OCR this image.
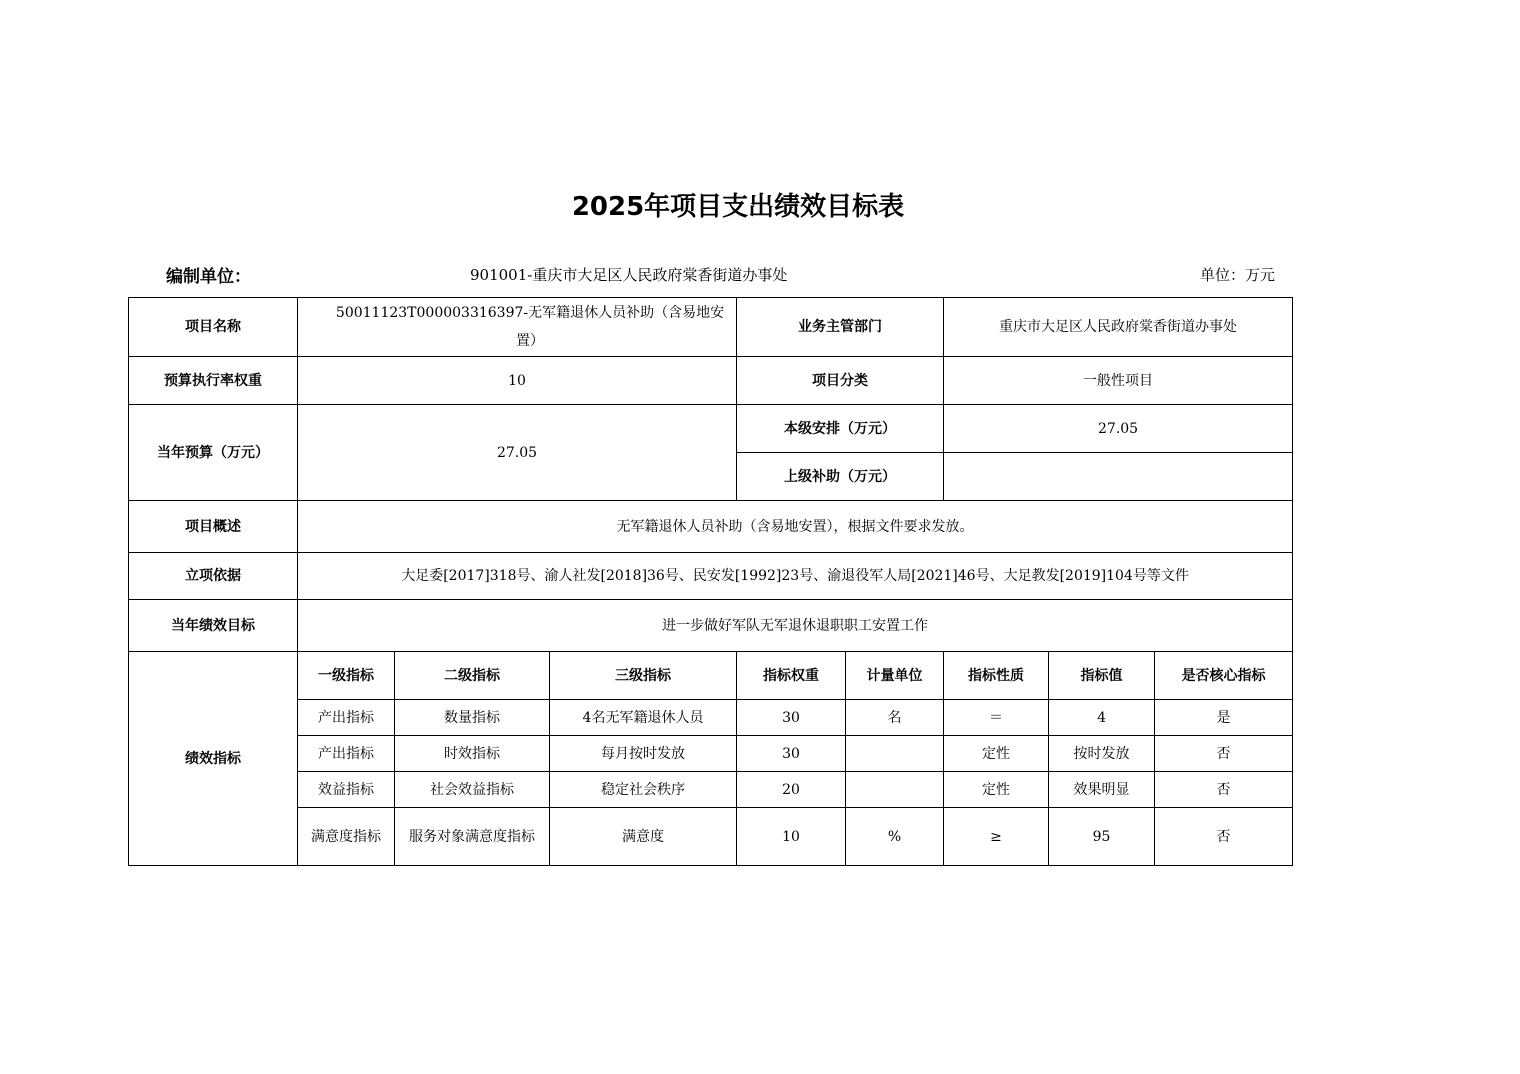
2025年项目支出绩效目标表
编制单位：	901001-重庆市大足区人民政府棠香街道办事处	单位：万元
项目名称	50011123T000003316397-无军籍退休人员补助（含易地安置）			业务主管部门		重庆市大足区人民政府棠香街道办事处		
预算执行率权重	10			项目分类		一般性项目		
当年预算（万元）	27.05			本级安排（万元）		27.05		
				上级补助（万元）				
项目概述	无军籍退休人员补助（含易地安置），根据文件要求发放。							
立项依据	大足委[2017]318号、渝人社发[2018]36号、民安发[1992]23号、渝退役军人局[2021]46号、大足教发[2019]104号等文件							
当年绩效目标	进一步做好军队无军退休退职职工安置工作							
绩效指标	一级指标	二级指标	三级指标	指标权重	计量单位	指标性质	指标值	是否核心指标
	产出指标	数量指标	4名无军籍退休人员	30	名	＝	4	是
	产出指标	时效指标	每月按时发放	30		定性	按时发放	否
	效益指标	社会效益指标	稳定社会秩序	20		定性	效果明显	否
	满意度指标	服务对象满意度指标	满意度	10	%	≥	95	否
